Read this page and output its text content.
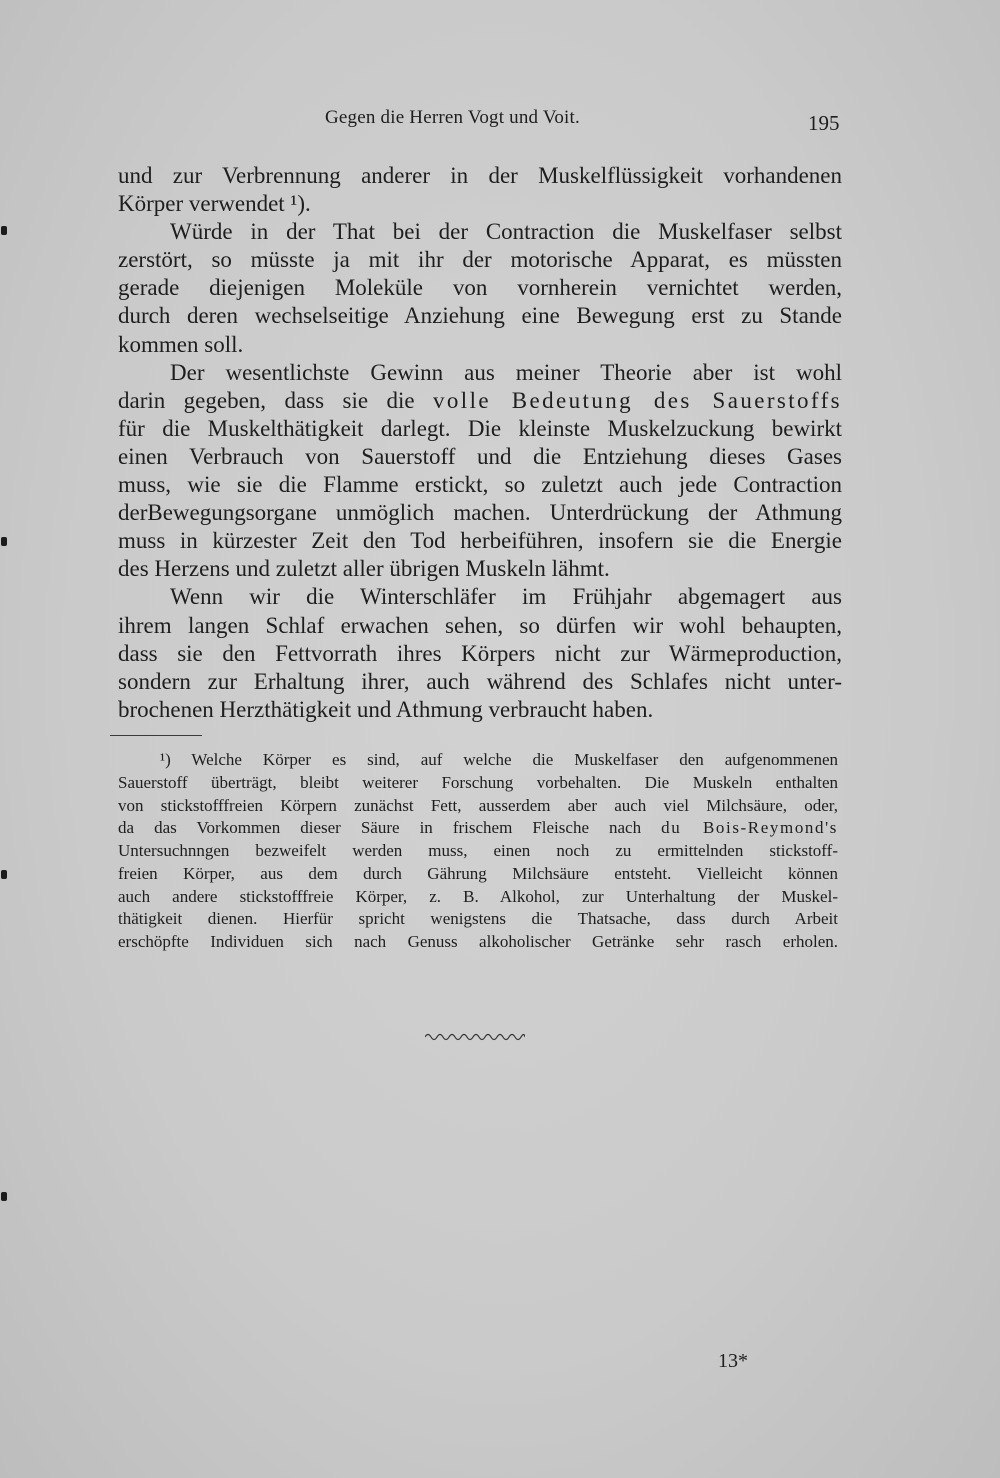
Gegen die Herren Vogt und Voit.	195
und zur Verbrennung anderer in der Muskelflüssigkeit vorhandenen
Körper verwendet ¹).
Würde in der That bei der Contraction die Muskelfaser selbst
zerstört, so müsste ja mit ihr der motorische Apparat, es müssten
gerade diejenigen Moleküle von vornherein vernichtet werden,
durch deren wechselseitige Anziehung eine Bewegung erst zu Stande
kommen soll.
Der wesentlichste Gewinn aus meiner Theorie aber ist wohl
darin gegeben, dass sie die volle Bedeutung des Sauerstoffs
für die Muskelthätigkeit darlegt. Die kleinste Muskelzuckung bewirkt
einen Verbrauch von Sauerstoff und die Entziehung dieses Gases
muss, wie sie die Flamme erstickt, so zuletzt auch jede Contraction
derBewegungsorgane unmöglich machen. Unterdrückung der Athmung
muss in kürzester Zeit den Tod herbeiführen, insofern sie die Energie
des Herzens und zuletzt aller übrigen Muskeln lähmt.
Wenn wir die Winterschläfer im Frühjahr abgemagert aus
ihrem langen Schlaf erwachen sehen, so dürfen wir wohl behaupten,
dass sie den Fettvorrath ihres Körpers nicht zur Wärmeproduction,
sondern zur Erhaltung ihrer, auch während des Schlafes nicht unter-
brochenen Herzthätigkeit und Athmung verbraucht haben.
¹) Welche Körper es sind, auf welche die Muskelfaser den aufgenommenen
Sauerstoff überträgt, bleibt weiterer Forschung vorbehalten. Die Muskeln enthalten
von stickstofffreien Körpern zunächst Fett, ausserdem aber auch viel Milchsäure, oder,
da das Vorkommen dieser Säure in frischem Fleische nach du Bois-Reymond's
Untersuchnngen bezweifelt werden muss, einen noch zu ermittelnden stickstoff-
freien Körper, aus dem durch Gährung Milchsäure entsteht. Vielleicht können
auch andere stickstofffreie Körper, z. B. Alkohol, zur Unterhaltung der Muskel-
thätigkeit dienen. Hierfür spricht wenigstens die Thatsache, dass durch Arbeit
erschöpfte Individuen sich nach Genuss alkoholischer Getränke sehr rasch erholen.
13*
